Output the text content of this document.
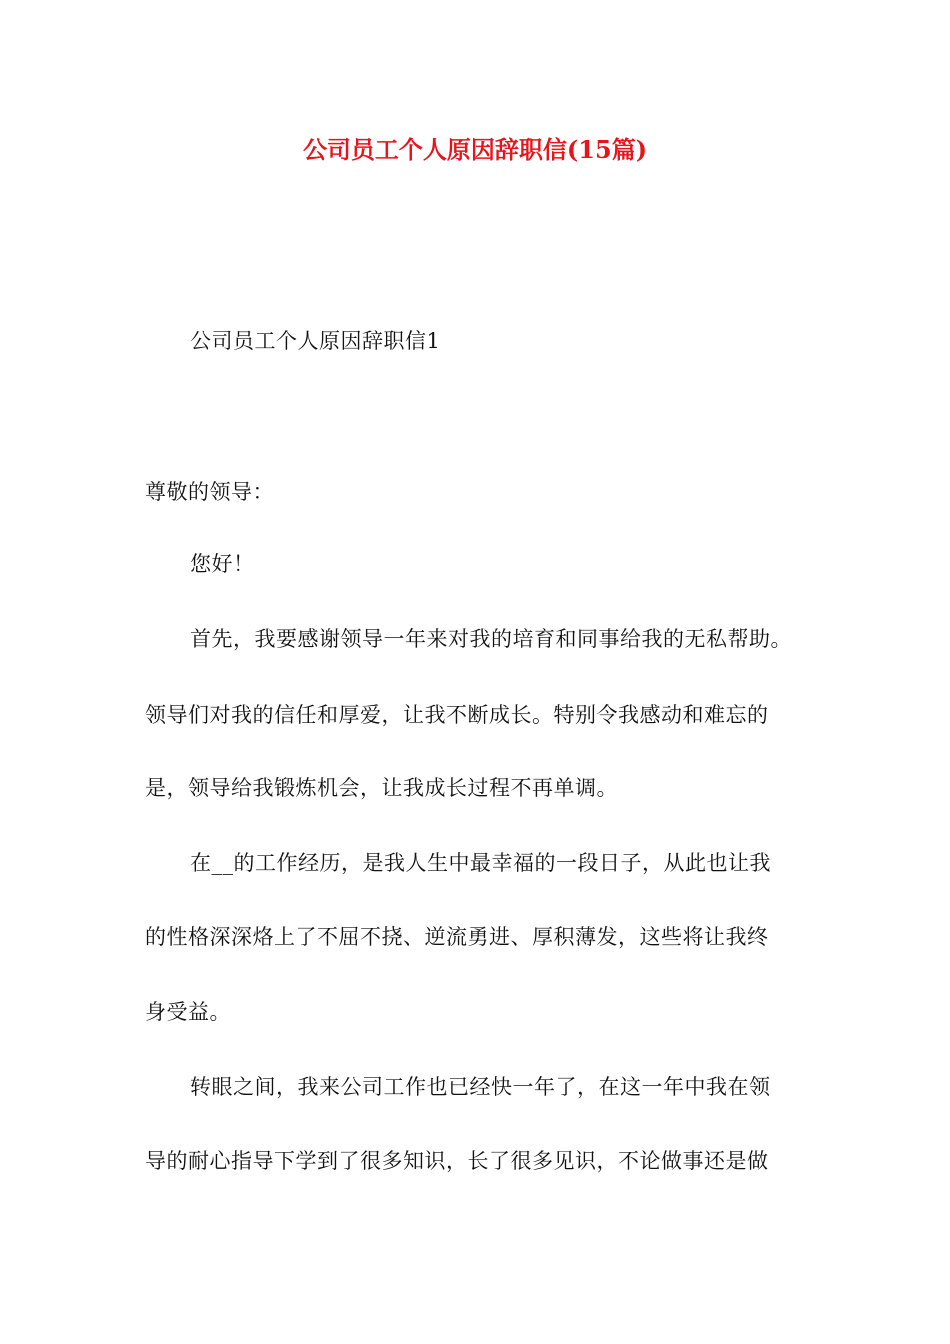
公司员工个人原因辞职信(15篇)
公司员工个人原因辞职信1
尊敬的领导：
您好！
首先，我要感谢领导一年来对我的培育和同事给我的无私帮助。
领导们对我的信任和厚爱，让我不断成长。特别令我感动和难忘的
是，领导给我锻炼机会，让我成长过程不再单调。
在__的工作经历，是我人生中最幸福的一段日子，从此也让我
的性格深深烙上了不屈不挠、逆流勇进、厚积薄发，这些将让我终
身受益。
转眼之间，我来公司工作也已经快一年了，在这一年中我在领
导的耐心指导下学到了很多知识，长了很多见识，不论做事还是做
